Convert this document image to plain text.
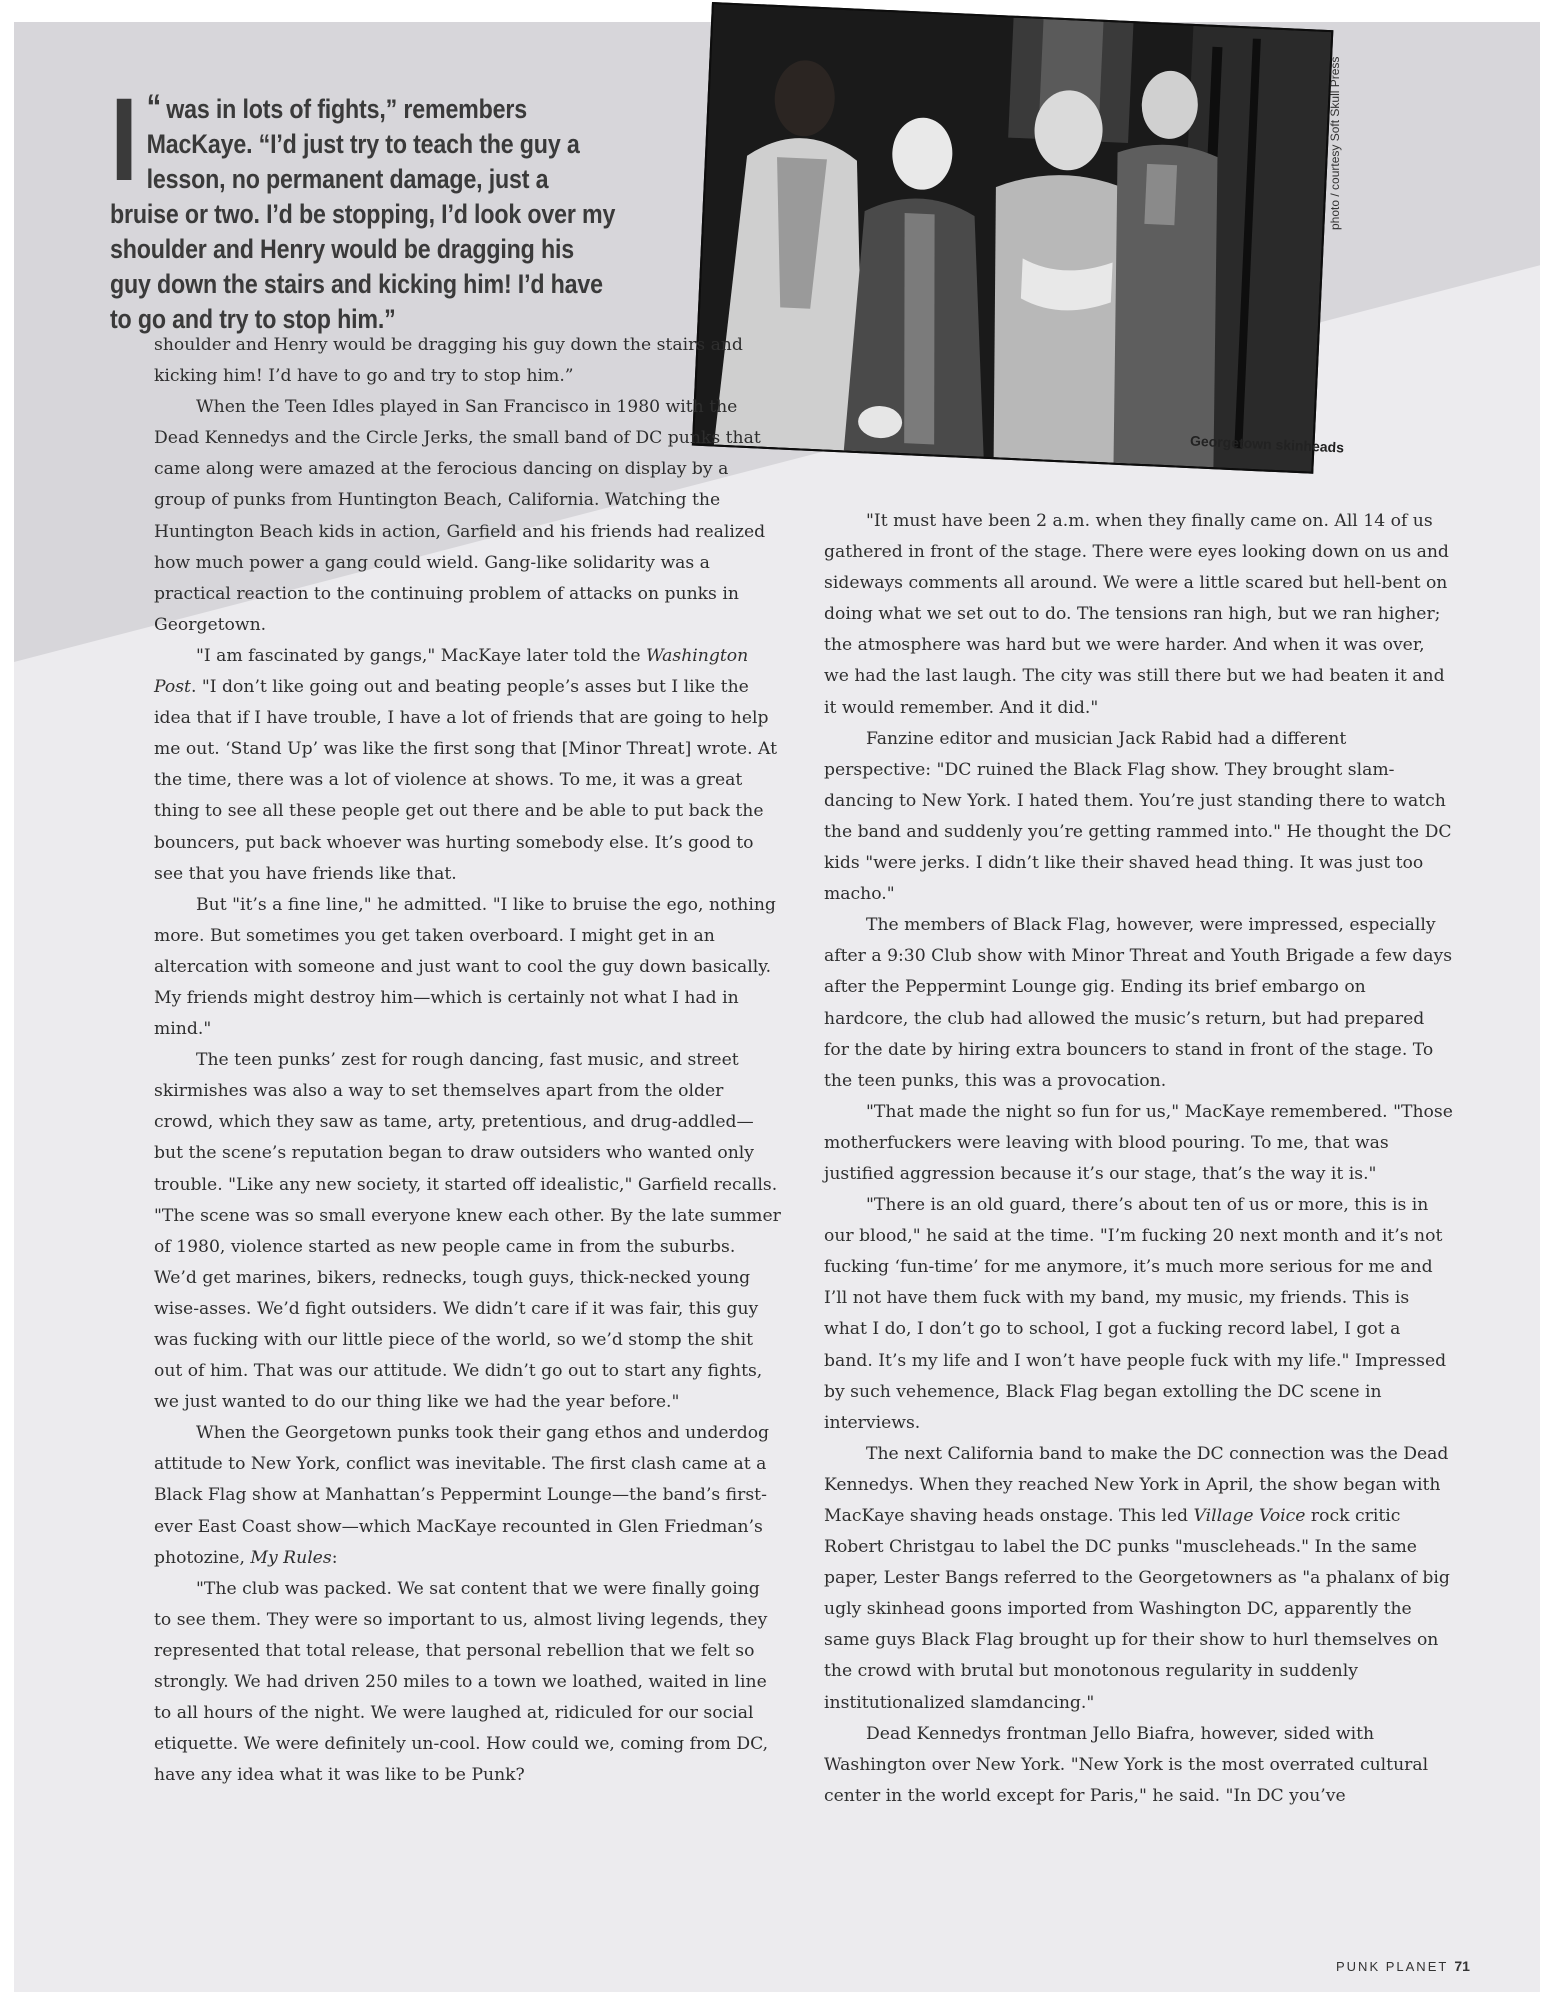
I “ was in lots of fights,” remembers MacKaye. “I’d just try to teach the guy a lesson, no permanent damage, just a bruise or two. I’d be stopping, I’d look over my shoulder and Henry would be dragging his guy down the stairs and kicking him! I’d have to go and try to stop him.”
photo / courtesy Soft Skull Press
Georgetown skinheads

shoulder and Henry would be dragging his guy down the stairs and kicking him! I’d have to go and try to stop him.”

When the Teen Idles played in San Francisco in 1980 with the Dead Kennedys and the Circle Jerks, the small band of DC punks that came along were amazed at the ferocious dancing on display by a group of punks from Huntington Beach, California. Watching the Huntington Beach kids in action, Garfield and his friends had realized how much power a gang could wield. Gang-like solidarity was a practical reaction to the continuing problem of attacks on punks in Georgetown.

"I am fascinated by gangs," MacKaye later told the Washington Post. "I don’t like going out and beating people’s asses but I like the idea that if I have trouble, I have a lot of friends that are going to help me out. ‘Stand Up’ was like the first song that [Minor Threat] wrote. At the time, there was a lot of violence at shows. To me, it was a great thing to see all these people get out there and be able to put back the bouncers, put back whoever was hurting somebody else. It’s good to see that you have friends like that.

But "it’s a fine line," he admitted. "I like to bruise the ego, nothing more. But sometimes you get taken overboard. I might get in an altercation with someone and just want to cool the guy down basically. My friends might destroy him—which is certainly not what I had in mind."

The teen punks’ zest for rough dancing, fast music, and street skirmishes was also a way to set themselves apart from the older crowd, which they saw as tame, arty, pretentious, and drug-addled—but the scene’s reputation began to draw outsiders who wanted only trouble. "Like any new society, it started off idealistic," Garfield recalls. "The scene was so small everyone knew each other. By the late summer of 1980, violence started as new people came in from the suburbs. We’d get marines, bikers, rednecks, tough guys, thick-necked young wise-asses. We’d fight outsiders. We didn’t care if it was fair, this guy was fucking with our little piece of the world, so we’d stomp the shit out of him. That was our attitude. We didn’t go out to start any fights, we just wanted to do our thing like we had the year before."

When the Georgetown punks took their gang ethos and underdog attitude to New York, conflict was inevitable. The first clash came at a Black Flag show at Manhattan’s Peppermint Lounge—the band’s first-ever East Coast show—which MacKaye recounted in Glen Friedman’s photozine, My Rules:

"The club was packed. We sat content that we were finally going to see them. They were so important to us, almost living legends, they represented that total release, that personal rebellion that we felt so strongly. We had driven 250 miles to a town we loathed, waited in line to all hours of the night. We were laughed at, ridiculed for our social etiquette. We were definitely un-cool. How could we, coming from DC, have any idea what it was like to be Punk?

"It must have been 2 a.m. when they finally came on. All 14 of us gathered in front of the stage. There were eyes looking down on us and sideways comments all around. We were a little scared but hell-bent on doing what we set out to do. The tensions ran high, but we ran higher; the atmosphere was hard but we were harder. And when it was over, we had the last laugh. The city was still there but we had beaten it and it would remember. And it did."

Fanzine editor and musician Jack Rabid had a different perspective: "DC ruined the Black Flag show. They brought slam-dancing to New York. I hated them. You’re just standing there to watch the band and suddenly you’re getting rammed into." He thought the DC kids "were jerks. I didn’t like their shaved head thing. It was just too macho."

The members of Black Flag, however, were impressed, especially after a 9:30 Club show with Minor Threat and Youth Brigade a few days after the Peppermint Lounge gig. Ending its brief embargo on hardcore, the club had allowed the music’s return, but had prepared for the date by hiring extra bouncers to stand in front of the stage. To the teen punks, this was a provocation.

"That made the night so fun for us," MacKaye remembered. "Those motherfuckers were leaving with blood pouring. To me, that was justified aggression because it’s our stage, that’s the way it is."

"There is an old guard, there’s about ten of us or more, this is in our blood," he said at the time. "I’m fucking 20 next month and it’s not fucking ‘fun-time’ for me anymore, it’s much more serious for me and I’ll not have them fuck with my band, my music, my friends. This is what I do, I don’t go to school, I got a fucking record label, I got a band. It’s my life and I won’t have people fuck with my life." Impressed by such vehemence, Black Flag began extolling the DC scene in interviews.

The next California band to make the DC connection was the Dead Kennedys. When they reached New York in April, the show began with MacKaye shaving heads onstage. This led Village Voice rock critic Robert Christgau to label the DC punks "muscleheads." In the same paper, Lester Bangs referred to the Georgetowners as "a phalanx of big ugly skinhead goons imported from Washington DC, apparently the same guys Black Flag brought up for their show to hurl themselves on the crowd with brutal but monotonous regularity in suddenly institutionalized slamdancing."

Dead Kennedys frontman Jello Biafra, however, sided with Washington over New York. "New York is the most overrated cultural center in the world except for Paris," he said. "In DC you’ve

PUNK PLANET 71
